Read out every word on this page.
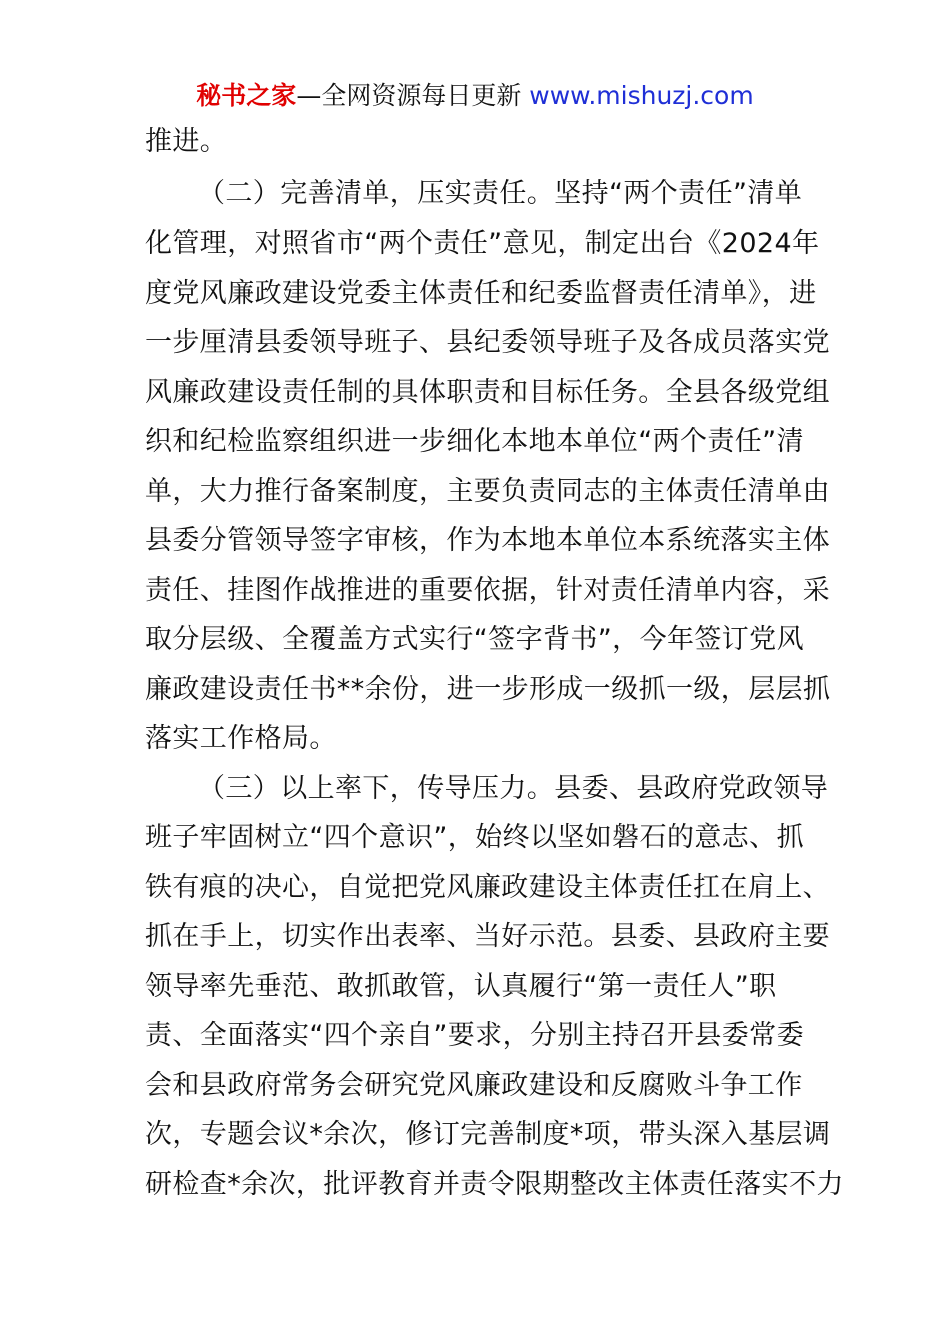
秘书之家—全网资源每日更新 www.mishuzj.com
推进。
（二）完善清单，压实责任。坚持“两个责任”清单
化管理，对照省市“两个责任”意见，制定出台《2024年
度党风廉政建设党委主体责任和纪委监督责任清单》，进
一步厘清县委领导班子、县纪委领导班子及各成员落实党
风廉政建设责任制的具体职责和目标任务。全县各级党组
织和纪检监察组织进一步细化本地本单位“两个责任”清
单，大力推行备案制度，主要负责同志的主体责任清单由
县委分管领导签字审核，作为本地本单位本系统落实主体
责任、挂图作战推进的重要依据，针对责任清单内容，采
取分层级、全覆盖方式实行“签字背书”，今年签订党风
廉政建设责任书**余份，进一步形成一级抓一级，层层抓
落实工作格局。
（三）以上率下，传导压力。县委、县政府党政领导
班子牢固树立“四个意识”，始终以坚如磐石的意志、抓
铁有痕的决心，自觉把党风廉政建设主体责任扛在肩上、
抓在手上，切实作出表率、当好示范。县委、县政府主要
领导率先垂范、敢抓敢管，认真履行“第一责任人”职
责、全面落实“四个亲自”要求，分别主持召开县委常委
会和县政府常务会研究党风廉政建设和反腐败斗争工作
次，专题会议*余次，修订完善制度*项，带头深入基层调
研检查*余次，批评教育并责令限期整改主体责任落实不力
